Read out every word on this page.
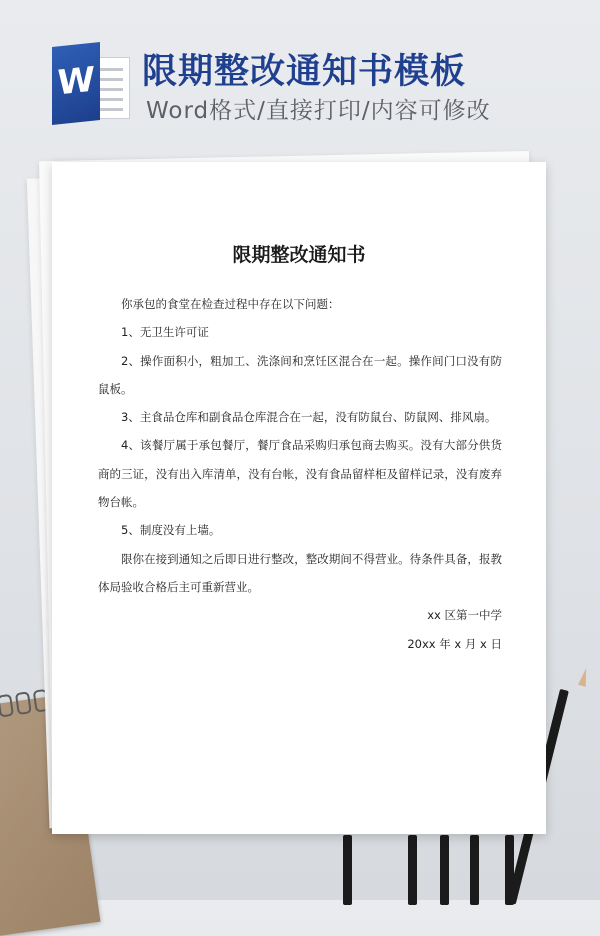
W 限期整改通知书模板

Word格式/直接打印/内容可修改

限期整改通知书

你承包的食堂在检查过程中存在以下问题：

1、无卫生许可证

2、操作面积小，粗加工、洗涤间和烹饪区混合在一起。操作间门口没有防鼠板。

3、主食品仓库和副食品仓库混合在一起，没有防鼠台、防鼠网、排风扇。

4、该餐厅属于承包餐厅，餐厅食品采购归承包商去购买。没有大部分供货商的三证，没有出入库清单，没有台帐，没有食品留样柜及留样记录，没有废弃物台帐。

5、制度没有上墙。

限你在接到通知之后即日进行整改，整改期间不得营业。待条件具备，报教体局验收合格后主可重新营业。

xx 区第一中学

20xx 年 x 月 x 日
